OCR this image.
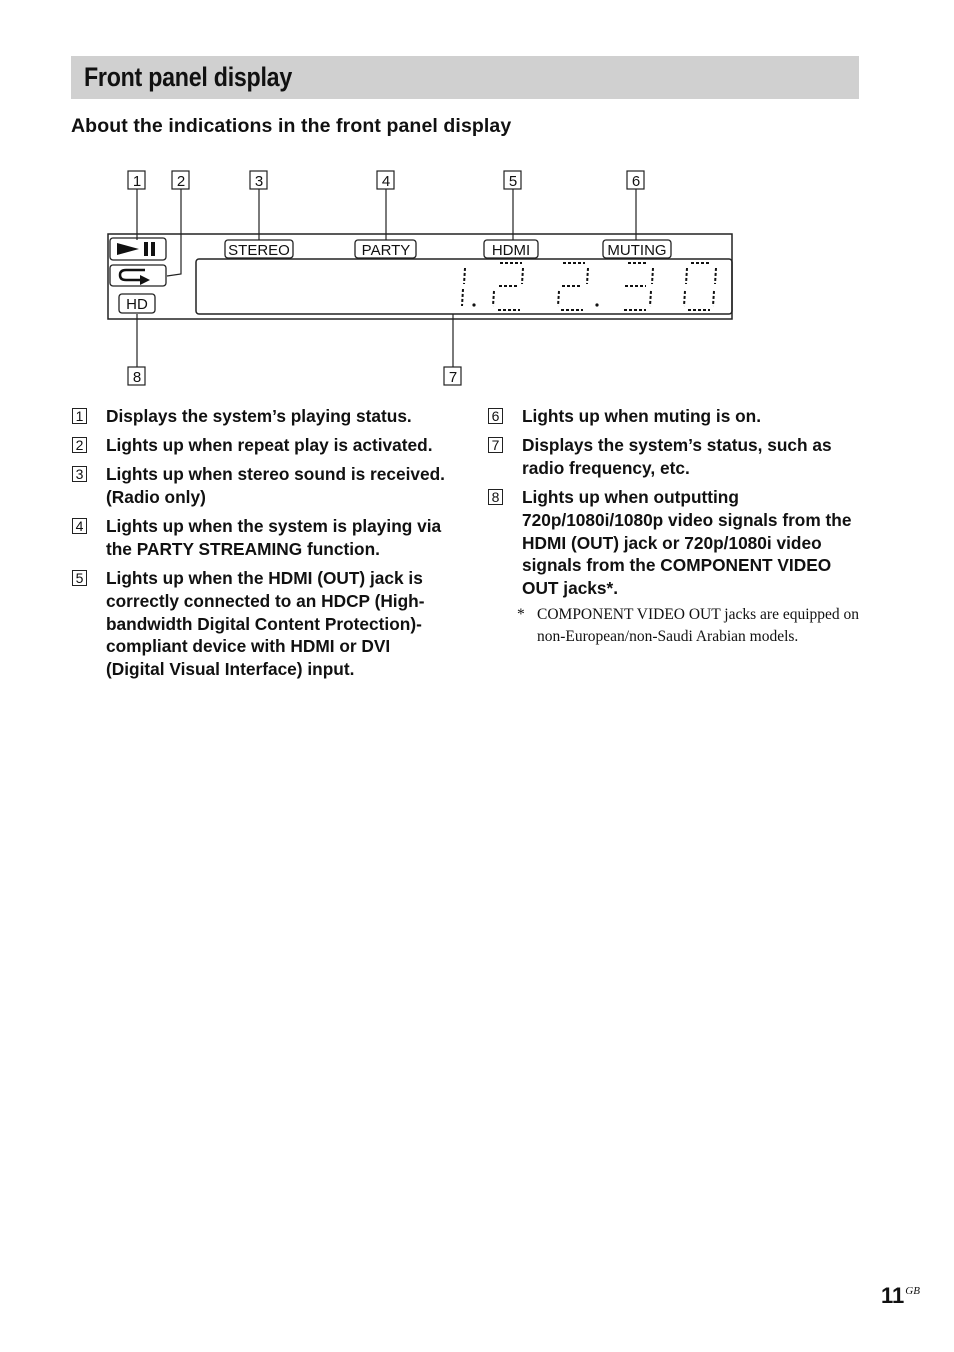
Front panel display
About the indications in the front panel display
1 2	3	4	5	6
7
8
STEREO	PARTY	HDMI	MUTING
HD
1 Displays the system’s playing status.
2 Lights up when repeat play is activated.
3 Lights up when stereo sound is received. (Radio only)
4 Lights up when the system is playing via the PARTY STREAMING function.
5 Lights up when the HDMI (OUT) jack is correctly connected to an HDCP (High-bandwidth Digital Content Protection)-compliant device with HDMI or DVI (Digital Visual Interface) input.
6 Lights up when muting is on.
7 Displays the system’s status, such as radio frequency, etc.
8 Lights up when outputting 720p/1080i/1080p video signals from the HDMI (OUT) jack or 720p/1080i video signals from the COMPONENT VIDEO OUT jacks*.
* COMPONENT VIDEO OUT jacks are equipped on non-European/non-Saudi Arabian models.
$11^{GB}$
